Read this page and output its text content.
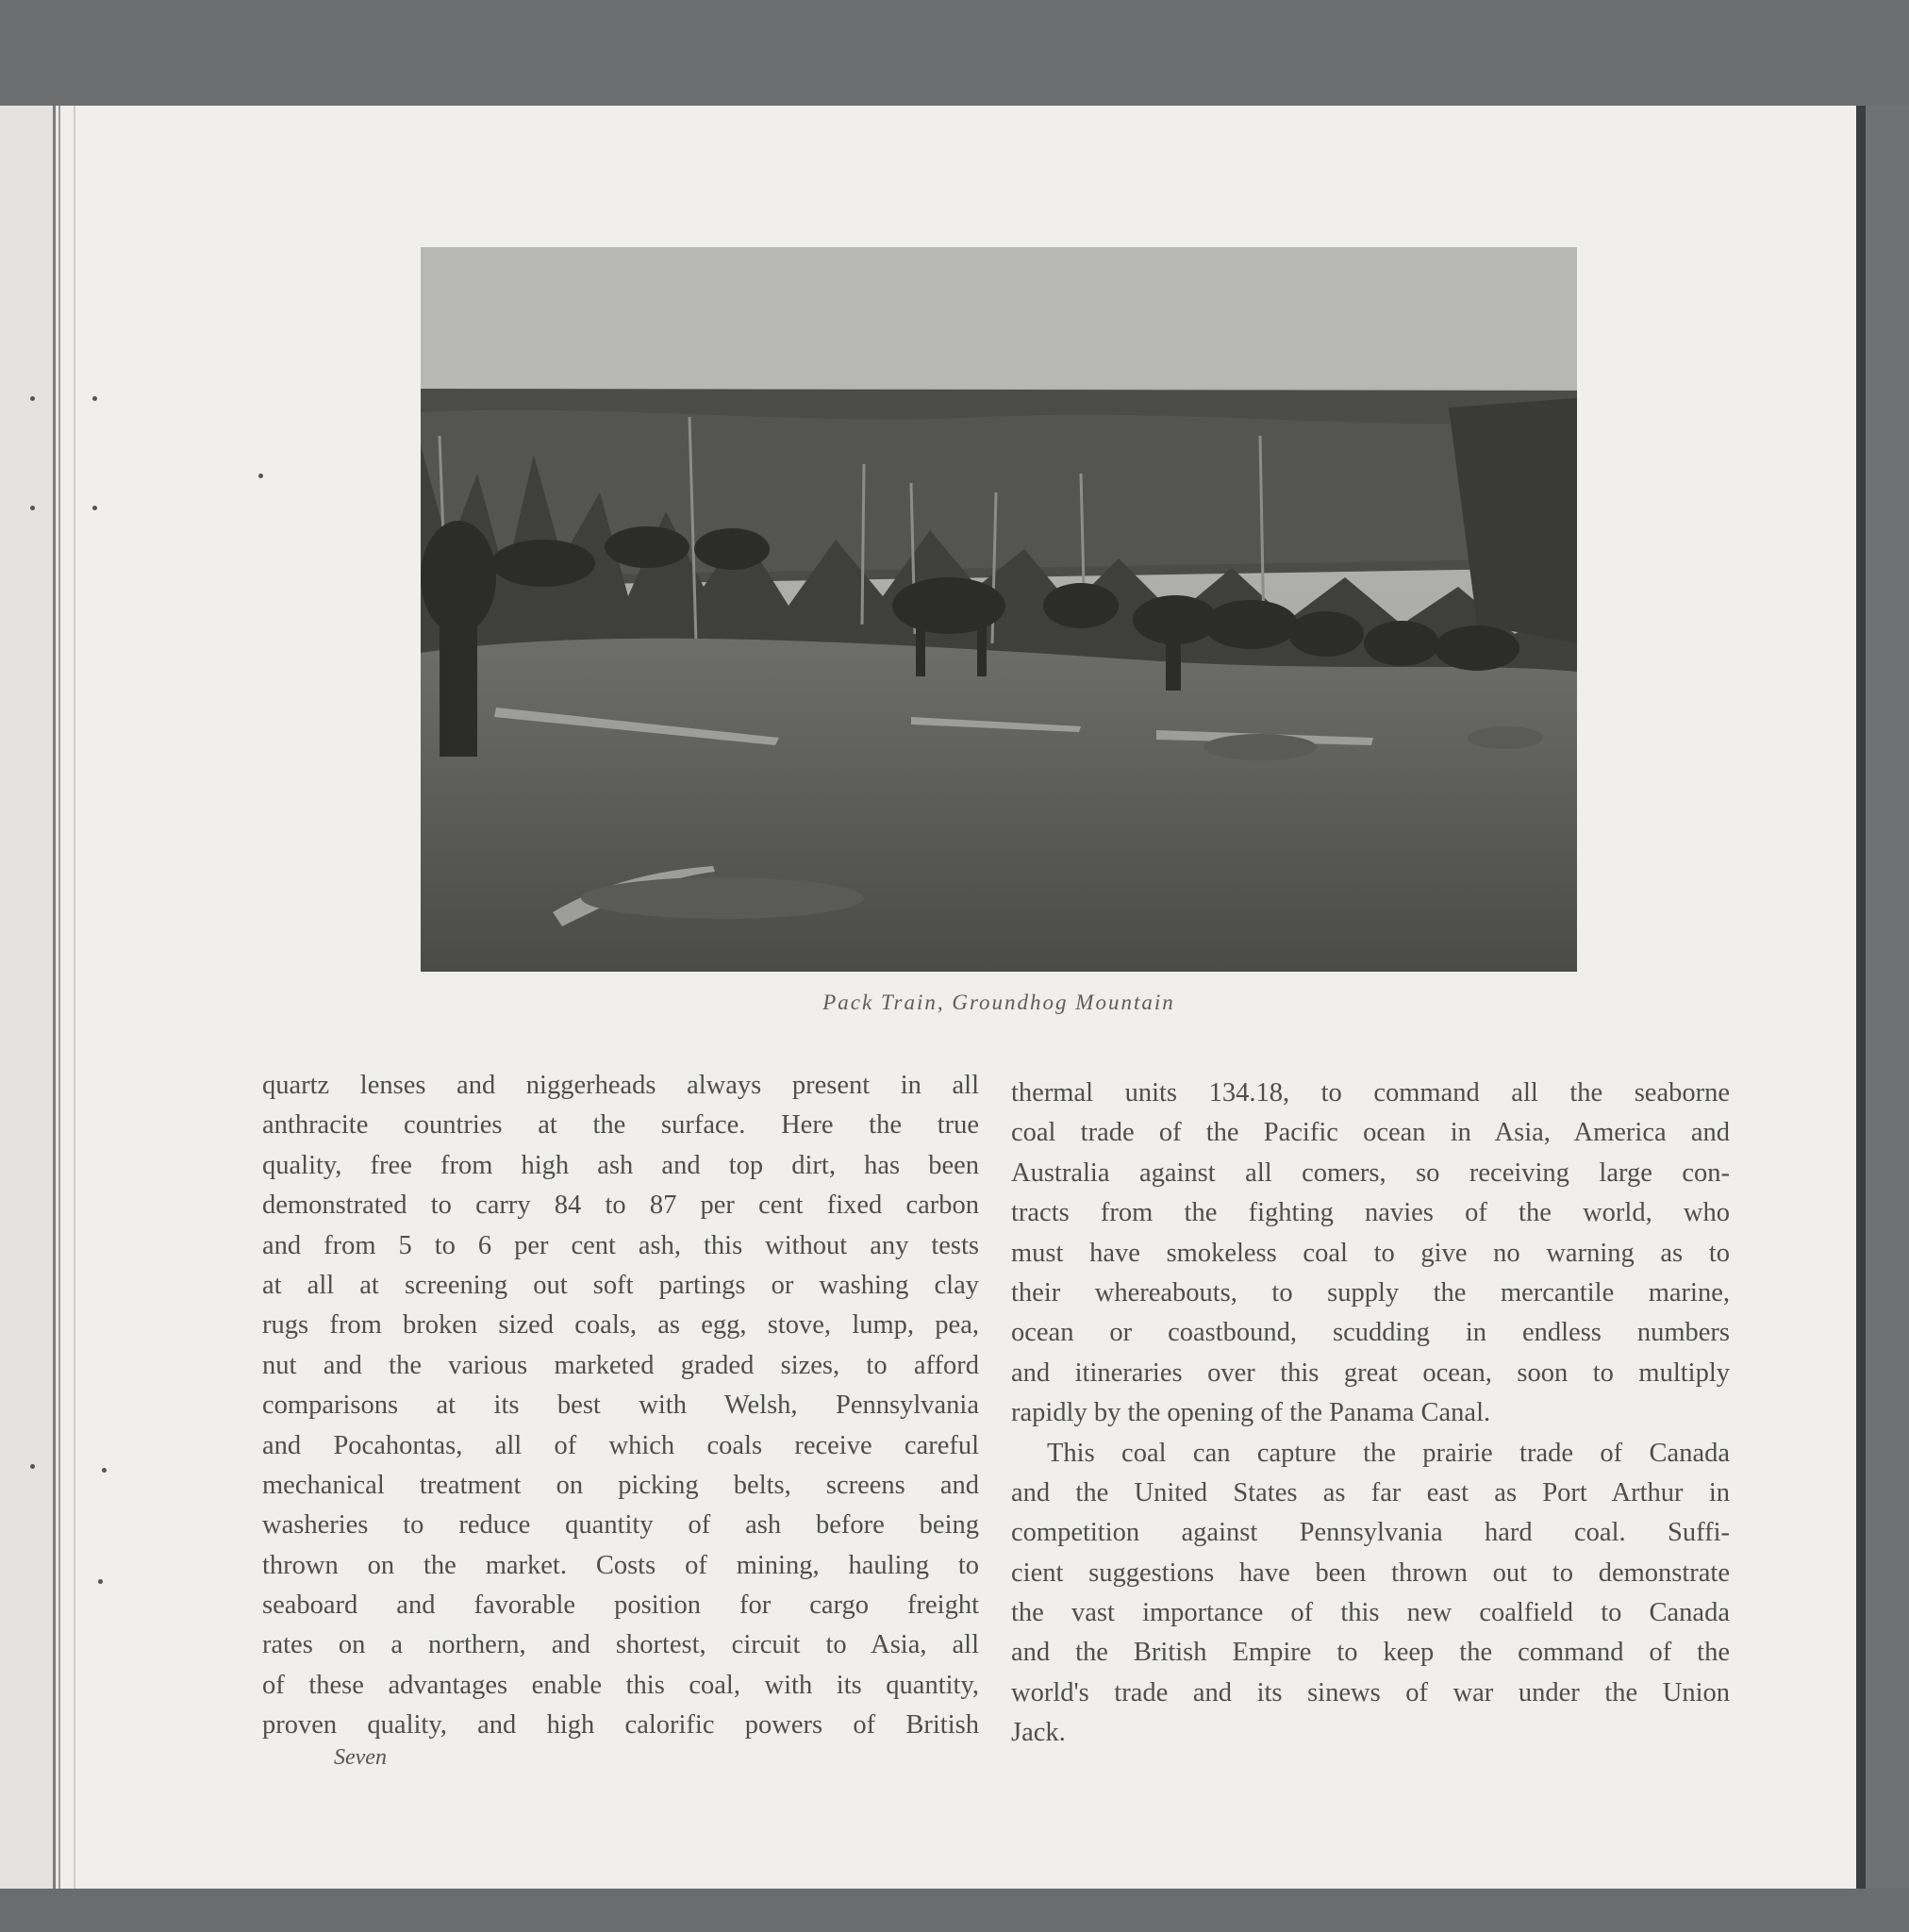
Pack Train, Groundhog Mountain
quartz lenses and niggerheads always present in all
anthracite countries at the surface. Here the true
quality, free from high ash and top dirt, has been
demonstrated to carry 84 to 87 per cent fixed carbon
and from 5 to 6 per cent ash, this without any tests
at all at screening out soft partings or washing clay
rugs from broken sized coals, as egg, stove, lump, pea,
nut and the various marketed graded sizes, to afford
comparisons at its best with Welsh, Pennsylvania
and Pocahontas, all of which coals receive careful
mechanical treatment on picking belts, screens and
washeries to reduce quantity of ash before being
thrown on the market. Costs of mining, hauling to
seaboard and favorable position for cargo freight
rates on a northern, and shortest, circuit to Asia, all
of these advantages enable this coal, with its quantity,
proven quality, and high calorific powers of British
thermal units 134.18, to command all the seaborne
coal trade of the Pacific ocean in Asia, America and
Australia against all comers, so receiving large con-
tracts from the fighting navies of the world, who
must have smokeless coal to give no warning as to
their whereabouts, to supply the mercantile marine,
ocean or coastbound, scudding in endless numbers
and itineraries over this great ocean, soon to multiply
rapidly by the opening of the Panama Canal.
This coal can capture the prairie trade of Canada
and the United States as far east as Port Arthur in
competition against Pennsylvania hard coal. Suffi-
cient suggestions have been thrown out to demonstrate
the vast importance of this new coalfield to Canada
and the British Empire to keep the command of the
world's trade and its sinews of war under the Union
Jack.
Seven
